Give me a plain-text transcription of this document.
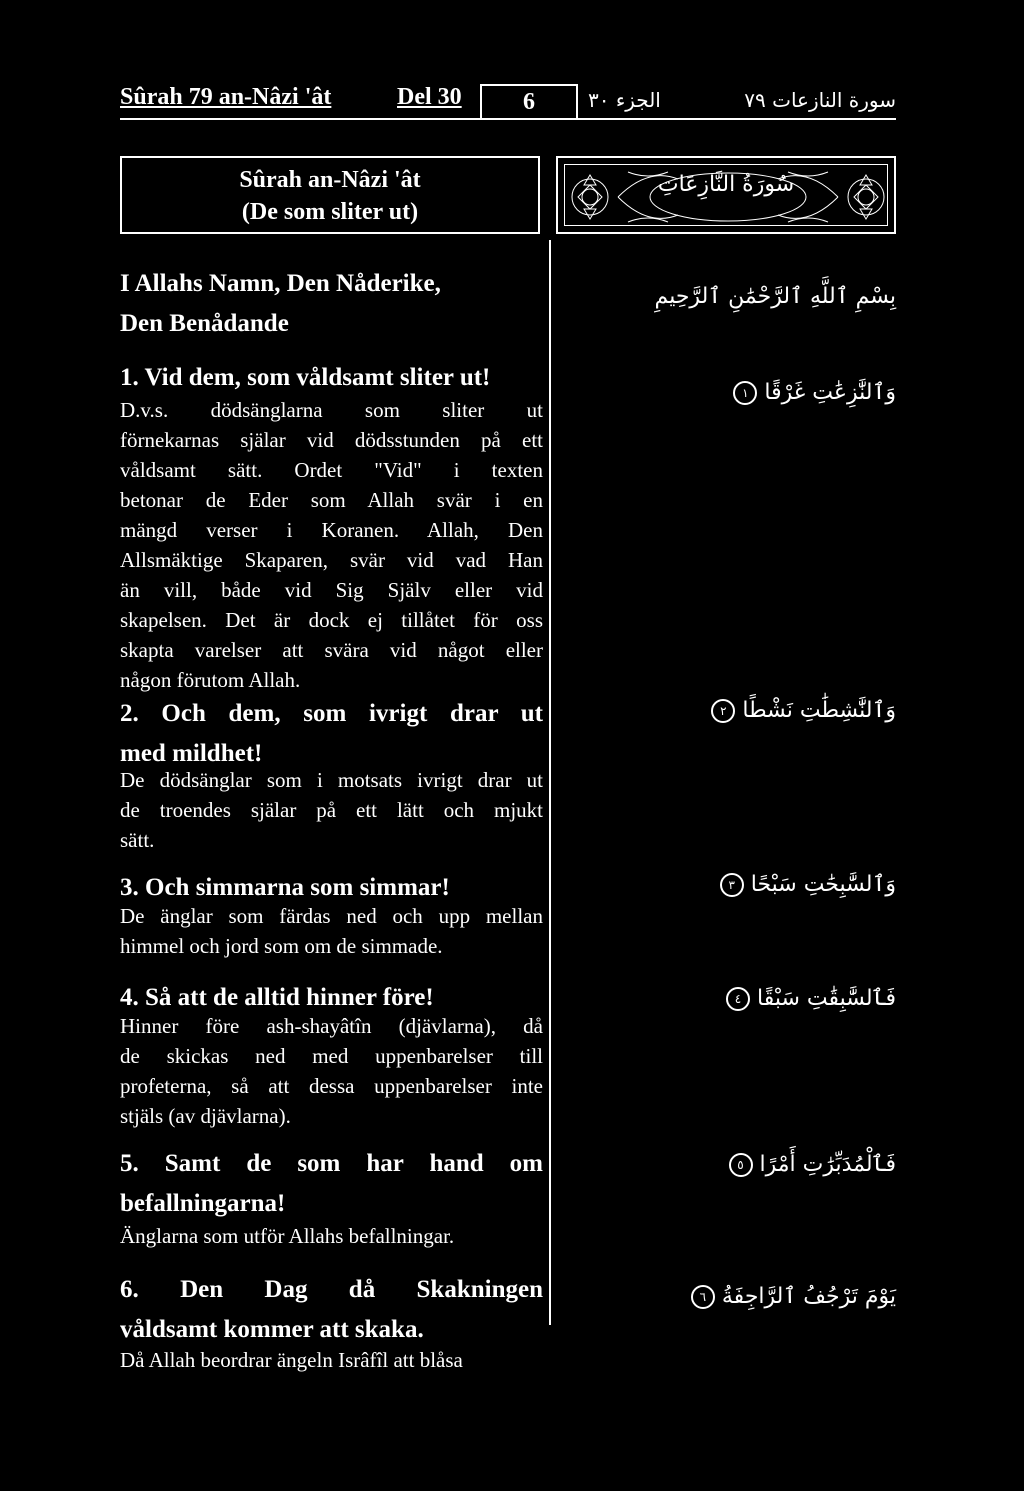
Sûrah 79 an-Nâzi 'ât	Del 30	6	الجزء ٣٠	سورة النازعات ٧٩
Sûrah an-Nâzi 'ât
(De som sliter ut)
سُورَةُ النَّازِعَاتِ
I Allahs Namn, Den Nåderike,
Den Benådande
بِسْمِ ٱللَّهِ ٱلرَّحْمَٰنِ ٱلرَّحِيمِ
1. Vid dem, som våldsamt sliter ut!
D.v.s. dödsänglarna som sliter ut
förnekarnas själar vid dödsstunden på ett
våldsamt sätt. Ordet "Vid" i texten
betonar de Eder som Allah svär i en
mängd verser i Koranen. Allah, Den
Allsmäktige Skaparen, svär vid vad Han
än vill, både vid Sig Själv eller vid
skapelsen. Det är dock ej tillåtet för oss
skapta varelser att svära vid något eller
någon förutom Allah.
وَٱلنَّٰزِعَٰتِ غَرْقًا ١
2. Och dem, som ivrigt drar ut
med mildhet!
De dödsänglar som i motsats ivrigt drar ut
de troendes själar på ett lätt och mjukt
sätt.
وَٱلنَّٰشِطَٰتِ نَشْطًا ٢
3. Och simmarna som simmar!
De änglar som färdas ned och upp mellan
himmel och jord som om de simmade.
وَٱلسَّٰبِحَٰتِ سَبْحًا ٣
4. Så att de alltid hinner före!
Hinner före ash-shayâtîn (djävlarna), då
de skickas ned med uppenbarelser till
profeterna, så att dessa uppenbarelser inte
stjäls (av djävlarna).
فَٱلسَّٰبِقَٰتِ سَبْقًا ٤
5. Samt de som har hand om
befallningarna!
Änglarna som utför Allahs befallningar.
فَٱلْمُدَبِّرَٰتِ أَمْرًا ٥
6. Den Dag då Skakningen
våldsamt kommer att skaka.
Då Allah beordrar ängeln Isrâfîl att blåsa
يَوْمَ تَرْجُفُ ٱلرَّاجِفَةُ ٦
